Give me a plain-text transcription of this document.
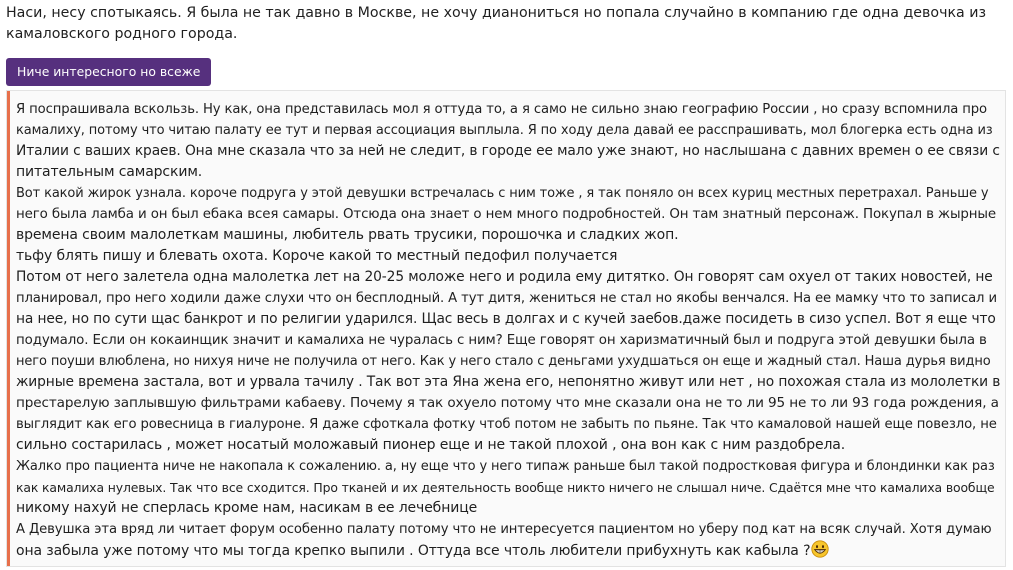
Наси, несу спотыкаясь. Я была не так давно в Москве, не хочу дианониться но попала случайно в компанию где одна девочка из камаловского родного города.

Ниче интересного но всеже
Я поспрашивала вскользь. Ну как, она представилась мол я оттуда то, а я само не сильно знаю географию России , но сразу вспомнила про
камалиху, потому что читаю палату ее тут и первая ассоциация выплыла. Я по ходу дела давай ее расспрашивать, мол блогерка есть одна из
Италии с ваших краев. Она мне сказала что за ней не следит, в городе ее мало уже знают, но наслышана с давних времен о ее связи с
питательным самарским.
Вот какой жирок узнала. короче подруга у этой девушки встречалась с ним тоже , я так поняло он всех куриц местных перетрахал. Раньше у
него была ламба и он был ебака всея самары. Отсюда она знает о нем много подробностей. Он там знатный персонаж. Покупал в жырные
времена своим малолеткам машины, любитель рвать трусики, порошочка и сладких жоп.
тьфу блять пишу и блевать охота. Короче какой то местный педофил получается
Потом от него залетела одна малолетка лет на 20-25 моложе него и родила ему дитятко. Он говорят сам охуел от таких новостей, не
планировал, про него ходили даже слухи что он бесплодный. А тут дитя, жениться не стал но якобы венчался. На ее мамку что то записал и
на нее, но по сути щас банкрот и по религии ударился. Щас весь в долгах и с кучей заебов.даже посидеть в сизо успел. Вот я еще что
подумало. Если он кокаинщик значит и камалиха не чуралась с ним? Еще говорят он харизматичный был и подруга этой девушки была в
него поуши влюблена, но нихуя ниче не получила от него. Как у него стало с деньгами ухудшаться он еще и жадный стал. Наша дурья видно
жирные времена застала, вот и урвала тачилу . Так вот эта Яна жена его, непонятно живут или нет , но похожая стала из мололетки в
престарелую заплывшую фильтрами кабаеву. Почему я так охуело потому что мне сказали она не то ли 95 не то ли 93 года рождения, а
выглядит как его ровесница в гиалуроне. Я даже сфоткала фотку чтоб потом не забыть по пьяне. Так что камаловой нашей еще повезло, не
сильно состарилась , может носатый моложавый пионер еще и не такой плохой , она вон как с ним раздобрела.
Жалко про пациента ниче не накопала к сожалению. а, ну еще что у него типаж раньше был такой подростковая фигура и блондинки как раз
как камалиха нулевых. Так что все сходится. Про тканей и их деятельность вообще никто ничего не слышал ниче. Сдаётся мне что камалиха вообще
никому нахуй не сперлась кроме нам, насикам в ее лечебнице
А Девушка эта вряд ли читает форум особенно палату потому что не интересуется пациентом но уберу под кат на всяк случай. Хотя думаю
она забыла уже потому что мы тогда крепко выпили . Оттуда все чтоль любители прибухнуть как кабыла ?
